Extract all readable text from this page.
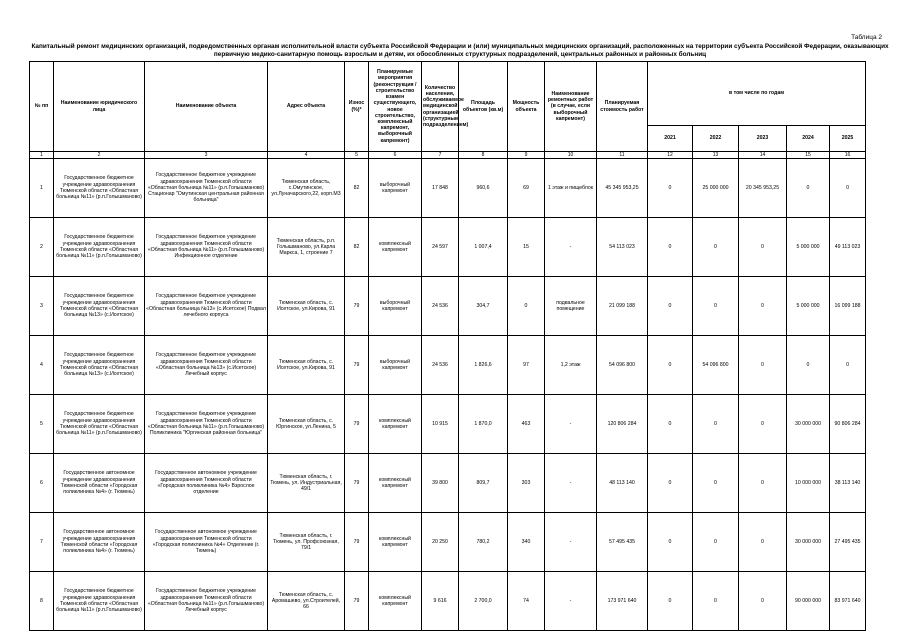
Таблица 2
Капитальный ремонт медицинских организаций, подведомственных органам исполнительной власти субъекта Российской Федерации и (или) муниципальных медицинских организаций, расположенных на территории субъекта Российской Федерации, оказывающих первичную медико-санитарную помощь взрослым и детям, их обособленных структурных подразделений, центральных районных и районных больниц
№ пп	Наименование юридического лица	Наименование объекта	Адрес объекта	Износ (%)*	Планируемые мероприятия (реконструкция / строительство взамен существующего, новое строительство, комплексный капремонт, выборочный капремонт)	Количество населения, обслуживаемое медицинской организацией (структурным подразделением)	Площадь объектов (кв.м)	Мощность объекта	Наименование ремонтных работ (в случае, если выборочный капремонт)	Планируемая стоимость работ	в том числе по годам				
											2021	2022	2023	2024	2025
1	2	3	4	5	6	7	8	9	10	11	12	13	14	15	16
1	Государственное бюджетное учреждение здравоохранения Тюменской области «Областная больница №11» (р.п.Голышманово)	Государственное бюджетное учреждение здравоохранения Тюменской области «Областная больница №11» (р.п.Голышманово) Стационар "Омутинская центральная районная больница"	Тюменская область, с.Омутинское, ул.Луначарского,22, корп.М3	82	выборочный капремонт	17 848	960,6	69	1 этаж и пищеблок	45 345 953,25	0	25 000 000	20 345 953,25	0	0
2	Государственное бюджетное учреждение здравоохранения Тюменской области «Областная больница №11» (р.п.Голышманово)	Государственное бюджетное учреждение здравоохранения Тюменской области «Областная больница №11» (р.п.Голышманово) Инфекционное отделение	Тюменская область, р.п. Голышманово, ул.Карла Маркса, 1, строение 7	82	комплексный капремонт	24 597	1 007,4	15	-	54 113 023	0	0	0	5 000 000	49 113 023
3	Государственное бюджетное учреждение здравоохранения Тюменской области «Областная больница №13» (с.Исетское)	Государственное бюджетное учреждение здравоохранения Тюменской области «Областная больница №13» (с.Исетское) Подвал лечебного корпуса	Тюменская область, с. Исетское, ул.Кирова, 91	79	выборочный капремонт	24 536	304,7	0	подвальное помещение	21 099 188	0	0	0	5 000 000	16 099 188
4	Государственное бюджетное учреждение здравоохранения Тюменской области «Областная больница №13» (с.Исетское)	Государственное бюджетное учреждение здравоохранения Тюменской области «Областная больница №13» (с.Исетское) Лечебный корпус	Тюменская область, с. Исетское, ул.Кирова, 91	79	выборочный капремонт	24 536	1 826,6	97	1,2 этаж	54 096 800	0	54 096 800	0	0	0
5	Государственное бюджетное учреждение здравоохранения Тюменской области «Областная больница №11» (р.п.Голышманово)	Государственное бюджетное учреждение здравоохранения Тюменской области «Областная больница №11» (р.п.Голышманово) Поликлиника "Юргинская районная больница"	Тюменская область, с. Юргинское, ул.Ленина, 5	79	комплексный капремонт	10 915	1 870,0	463	-	120 806 284	0	0	0	30 000 000	90 806 284
6	Государственное автономное учреждение здравоохранения Тюменской области «Городская поликлиника №4» (г. Тюмень)	Государственное автономное учреждение здравоохранения Тюменской области «Городская поликлиника №4» Взрослое отделение	Тюменская область, г. Тюмень, ул. Индустриальная, 49/1	79	комплексный капремонт	39 800	809,7	303	-	48 113 140	0	0	0	10 000 000	38 113 140
7	Государственное автономное учреждение здравоохранения Тюменской области «Городская поликлиника №4» (г. Тюмень)	Государственное автономное учреждение здравоохранения Тюменской области «Городская поликлиника №4» Отделение (г. Тюмень)	Тюменская область, г. Тюмень, ул. Профсоюзная, 79/1	79	комплексный капремонт	20 250	780,2	340	-	57 495 435	0	0	0	30 000 000	27 495 435
8	Государственное бюджетное учреждение здравоохранения Тюменской области «Областная больница №11» (р.п.Голышманово)	Государственное бюджетное учреждение здравоохранения Тюменской области «Областная больница №11» (р.п.Голышманово) Лечебный корпус	Тюменская область, с. Аромашево, ул.Строителей, 66	79	комплексный капремонт	9 616	2 700,0	74	-	173 971 640	0	0	0	90 000 000	83 971 640
